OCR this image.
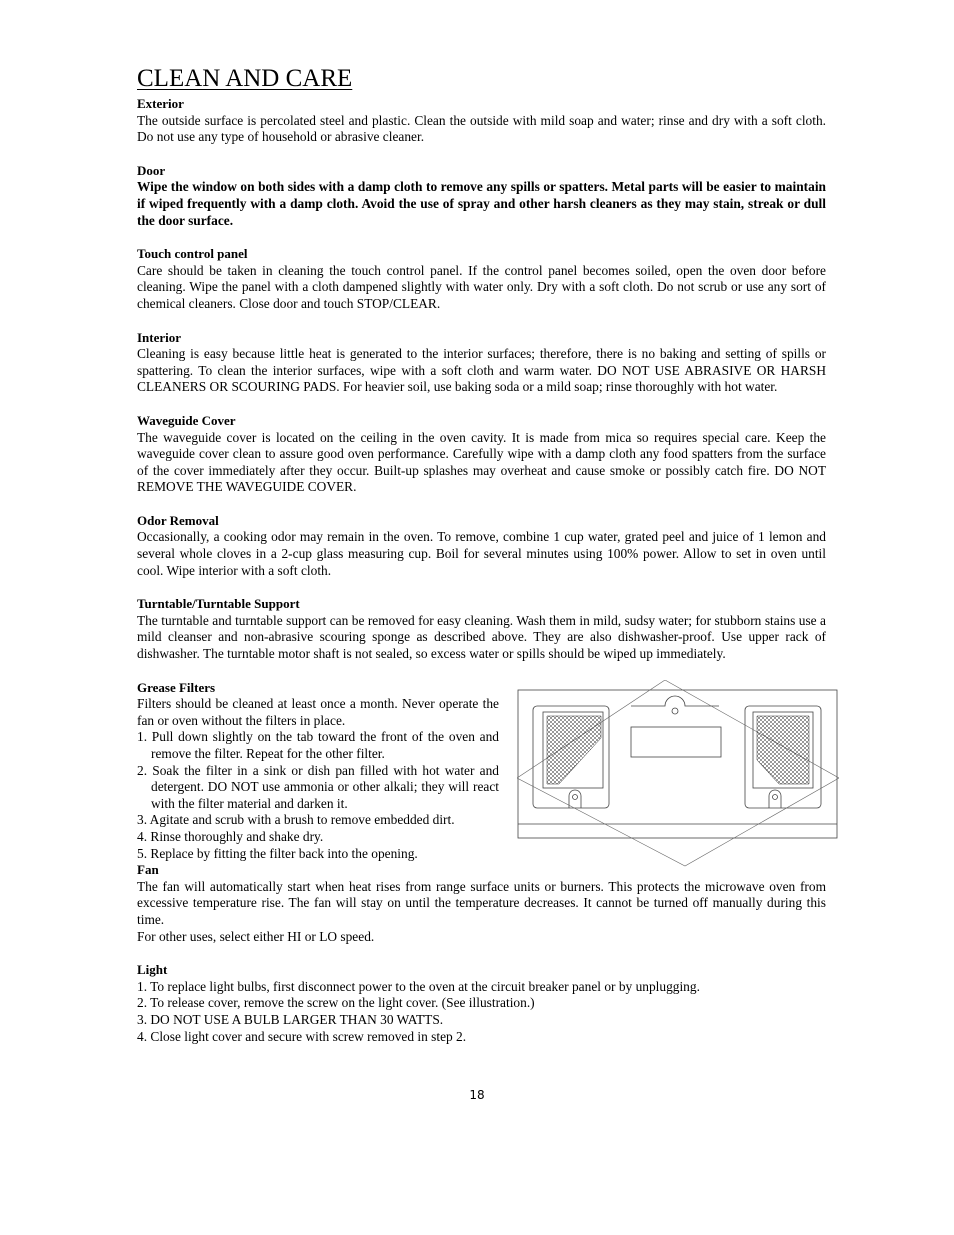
CLEAN AND CARE
Exterior

The outside surface is percolated steel and plastic. Clean the outside with mild soap and water; rinse and dry with a soft cloth. Do not use any type of household or abrasive cleaner.

Door

Wipe the window on both sides with a damp cloth to remove any spills or spatters. Metal parts will be easier to maintain if wiped frequently with a damp cloth. Avoid the use of spray and other harsh cleaners as they may stain, streak or dull the door surface.

Touch control panel

Care should be taken in cleaning the touch control panel. If the control panel becomes soiled, open the oven door before cleaning. Wipe the panel with a cloth dampened slightly with water only. Dry with a soft cloth. Do not scrub or use any sort of chemical cleaners. Close door and touch STOP/CLEAR.

Interior

Cleaning is easy because little heat is generated to the interior surfaces; therefore, there is no baking and setting of spills or spattering. To clean the interior surfaces, wipe with a soft cloth and warm water. DO NOT USE ABRASIVE OR HARSH CLEANERS OR SCOURING PADS. For heavier soil, use baking soda or a mild soap; rinse thoroughly with hot water.

Waveguide Cover

The waveguide cover is located on the ceiling in the oven cavity. It is made from mica so requires special care. Keep the waveguide cover clean to assure good oven performance. Carefully wipe with a damp cloth any food spatters from the surface of the cover immediately after they occur. Built-up splashes may overheat and cause smoke or possibly catch fire. DO NOT REMOVE THE WAVEGUIDE COVER.

Odor Removal

Occasionally, a cooking odor may remain in the oven. To remove, combine 1 cup water, grated peel and juice of 1 lemon and several whole cloves in a 2-cup glass measuring cup. Boil for several minutes using 100% power. Allow to set in oven until cool. Wipe interior with a soft cloth.

Turntable/Turntable Support

The turntable and turntable support can be removed for easy cleaning. Wash them in mild, sudsy water; for stubborn stains use a mild cleanser and non-abrasive scouring sponge as described above. They are also dishwasher-proof. Use upper rack of dishwasher. The turntable motor shaft is not sealed, so excess water or spills should be wiped up immediately.

Grease Filters

Filters should be cleaned at least once a month. Never operate the fan or oven without the filters in place.

1. Pull down slightly on the tab toward the front of the oven and remove the filter. Repeat for the other filter.
2. Soak the filter in a sink or dish pan filled with hot water and detergent. DO NOT use ammonia or other alkali; they will react with the filter material and darken it.
3. Agitate and scrub with a brush to remove embedded dirt.
4. Rinse thoroughly and shake dry.
5. Replace by fitting the filter back into the opening.
Fan

The fan will automatically start when heat rises from range surface units or burners. This protects the microwave oven from excessive temperature rise. The fan will stay on until the temperature decreases. It cannot be turned off manually during this time.

For other uses, select either HI or LO speed.

Light
1. To replace light bulbs, first disconnect power to the oven at the circuit breaker panel or by unplugging.
2. To release cover, remove the screw on the light cover. (See illustration.)
3. DO NOT USE A BULB LARGER THAN 30 WATTS.
4. Close light cover and secure with screw removed in step 2.
18
